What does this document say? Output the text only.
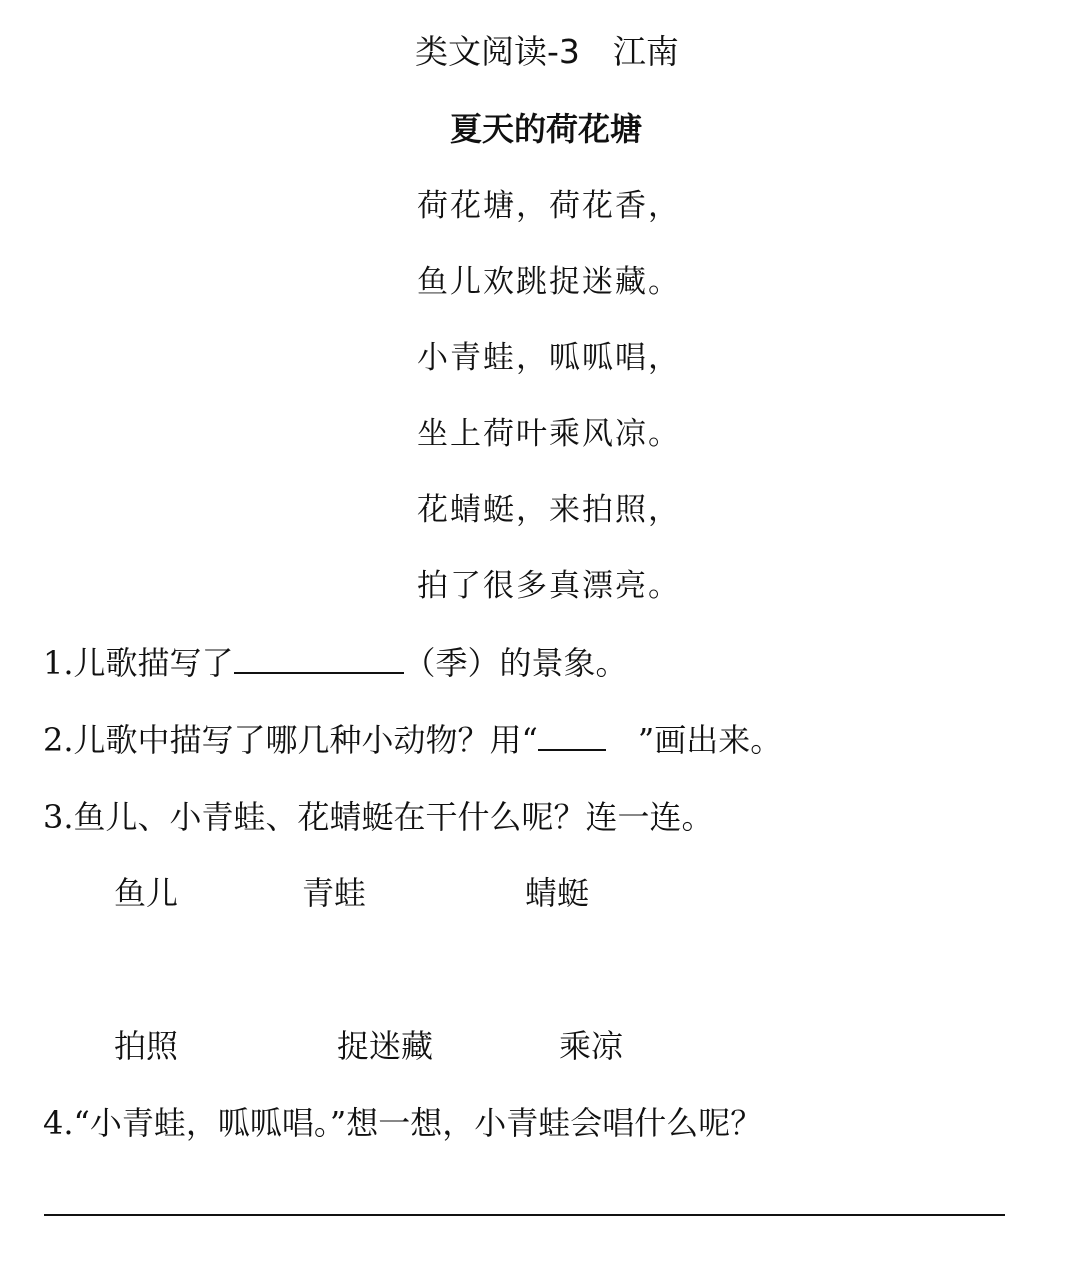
类文阅读-3　江南
夏天的荷花塘
荷花塘，荷花香，
鱼儿欢跳捉迷藏。
小青蛙，呱呱唱，
坐上荷叶乘风凉。
花蜻蜓，来拍照，
拍了很多真漂亮。
1.儿歌描写了	（季）的景象。
2.儿歌中描写了哪几种小动物？用“　”画出来。
3.鱼儿、小青蛙、花蜻蜓在干什么呢？连一连。
鱼儿	青蛙	蜻蜓
拍照	捉迷藏	乘凉
4.“小青蛙，呱呱唱。”想一想，小青蛙会唱什么呢？
